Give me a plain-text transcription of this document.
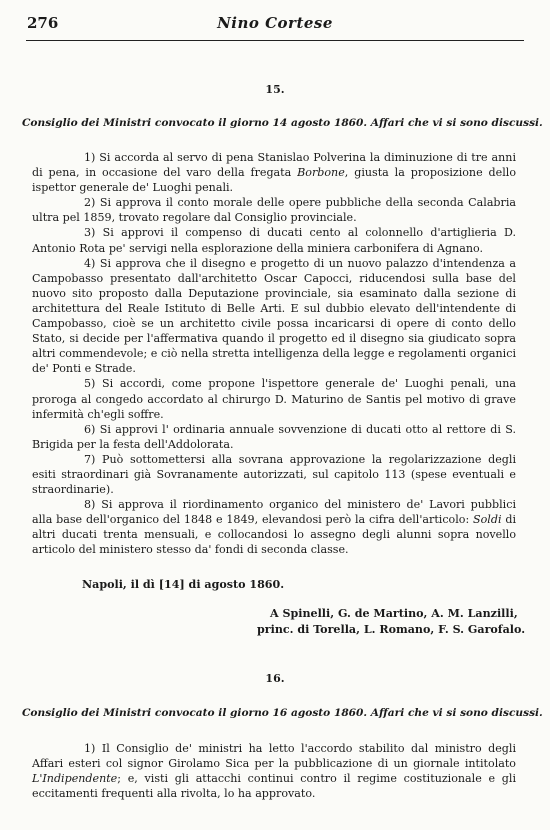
276	Nino Cortese
15.
Consiglio dei Ministri convocato il giorno 14 agosto 1860. Affari che vi si sono discussi.

1) Si accorda al servo di pena Stanislao Polverina la diminuzione di tre anni di pena, in occasione del varo della fregata Borbone, giusta la proposizione dello ispettor generale de' Luoghi penali.

2) Si approva il conto morale delle opere pubbliche della seconda Calabria ultra pel 1859, trovato regolare dal Consiglio provinciale.

3) Si approvi il compenso di ducati cento al colonnello d'artiglieria D. Antonio Rota pe' servigi nella esplorazione della miniera carbonifera di Agnano.

4) Si approva che il disegno e progetto di un nuovo palazzo d'intendenza a Campobasso presentato dall'architetto Oscar Capocci, riducendosi sulla base del nuovo sito proposto dalla Deputazione provinciale, sia esaminato dalla sezione di architettura del Reale Istituto di Belle Arti. E sul dubbio elevato dell'intendente di Campobasso, cioè se un architetto civile possa incaricarsi di opere di conto dello Stato, si decide per l'affermativa quando il progetto ed il disegno sia giudicato sopra altri commendevole; e ciò nella stretta intelligenza della legge e regolamenti organici de' Ponti e Strade.

5) Si accordi, come propone l'ispettore generale de' Luoghi penali, una proroga al congedo accordato al chirurgo D. Maturino de Santis pel motivo di grave infermità ch'egli soffre.

6) Si approvi l' ordinaria annuale sovvenzione di ducati otto al rettore di S. Brigida per la festa dell'Addolorata.

7) Può sottomettersi alla sovrana approvazione la regolarizzazione degli esiti straordinari già Sovranamente autorizzati, sul capitolo 113 (spese eventuali e straordinarie).

8) Si approva il riordinamento organico del ministero de' Lavori pubblici alla base dell'organico del 1848 e 1849, elevandosi però la cifra dell'articolo: Soldi di altri ducati trenta mensuali, e collocandosi lo assegno degli alunni sopra novello articolo del ministero stesso da' fondi di seconda classe.

Napoli, il dì [14] di agosto 1860.
A Spinelli, G. de Martino, A. M. Lanzilli,
princ. di Torella, L. Romano, F. S. Garofalo.
16.
Consiglio dei Ministri convocato il giorno 16 agosto 1860. Affari che vi si sono discussi.

1) Il Consiglio de' ministri ha letto l'accordo stabilito dal ministro degli Affari esteri col signor Girolamo Sica per la pubblicazione di un giornale intitolato L'Indipendente; e, visti gli attacchi continui contro il regime costituzionale e gli eccitamenti frequenti alla rivolta, lo ha approvato.
